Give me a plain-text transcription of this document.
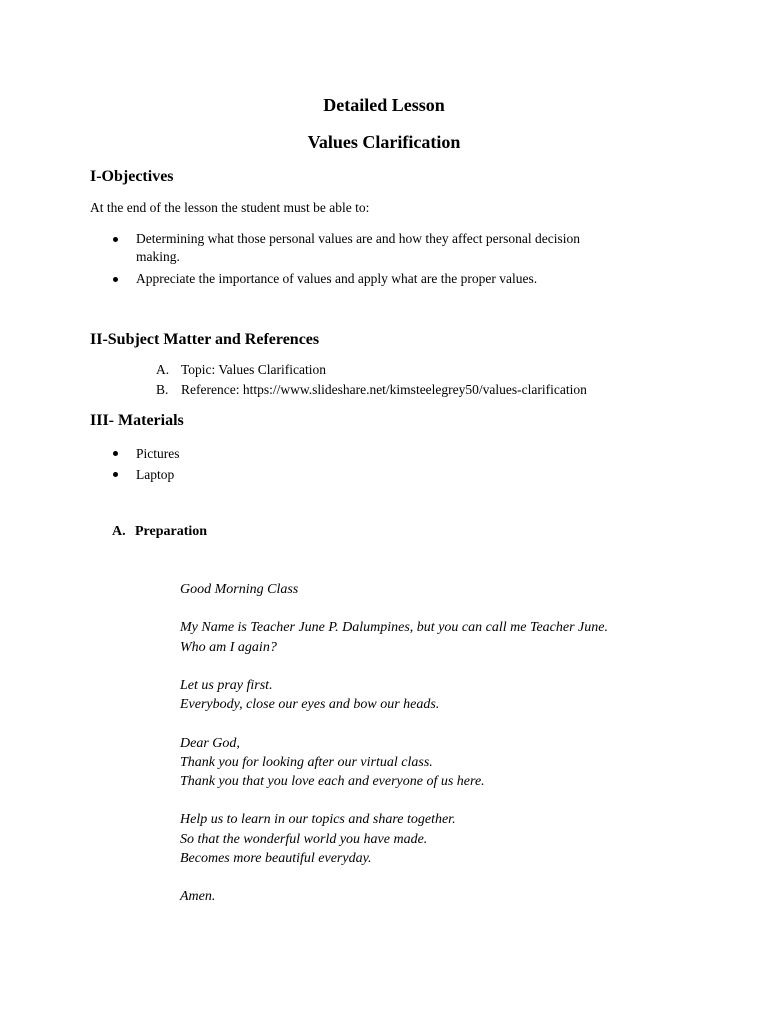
Detailed Lesson
Values Clarification
I-Objectives

At the end of the lesson the student must be able to:

Determining what those personal values are and how they affect personal decision
making.
Appreciate the importance of values and apply what are the proper values.
II-Subject Matter and References
A. Topic: Values Clarification
B. Reference: https://www.slideshare.net/kimsteelegrey50/values-clarification
III- Materials
Pictures
Laptop
A. Preparation

Good Morning Class

My Name is Teacher June P. Dalumpines, but you can call me Teacher June.

Who am I again?

Let us pray first.

Everybody, close our eyes and bow our heads.

Dear God,

Thank you for looking after our virtual class.

Thank you that you love each and everyone of us here.

Help us to learn in our topics and share together.

So that the wonderful world you have made.

Becomes more beautiful everyday.

Amen.
